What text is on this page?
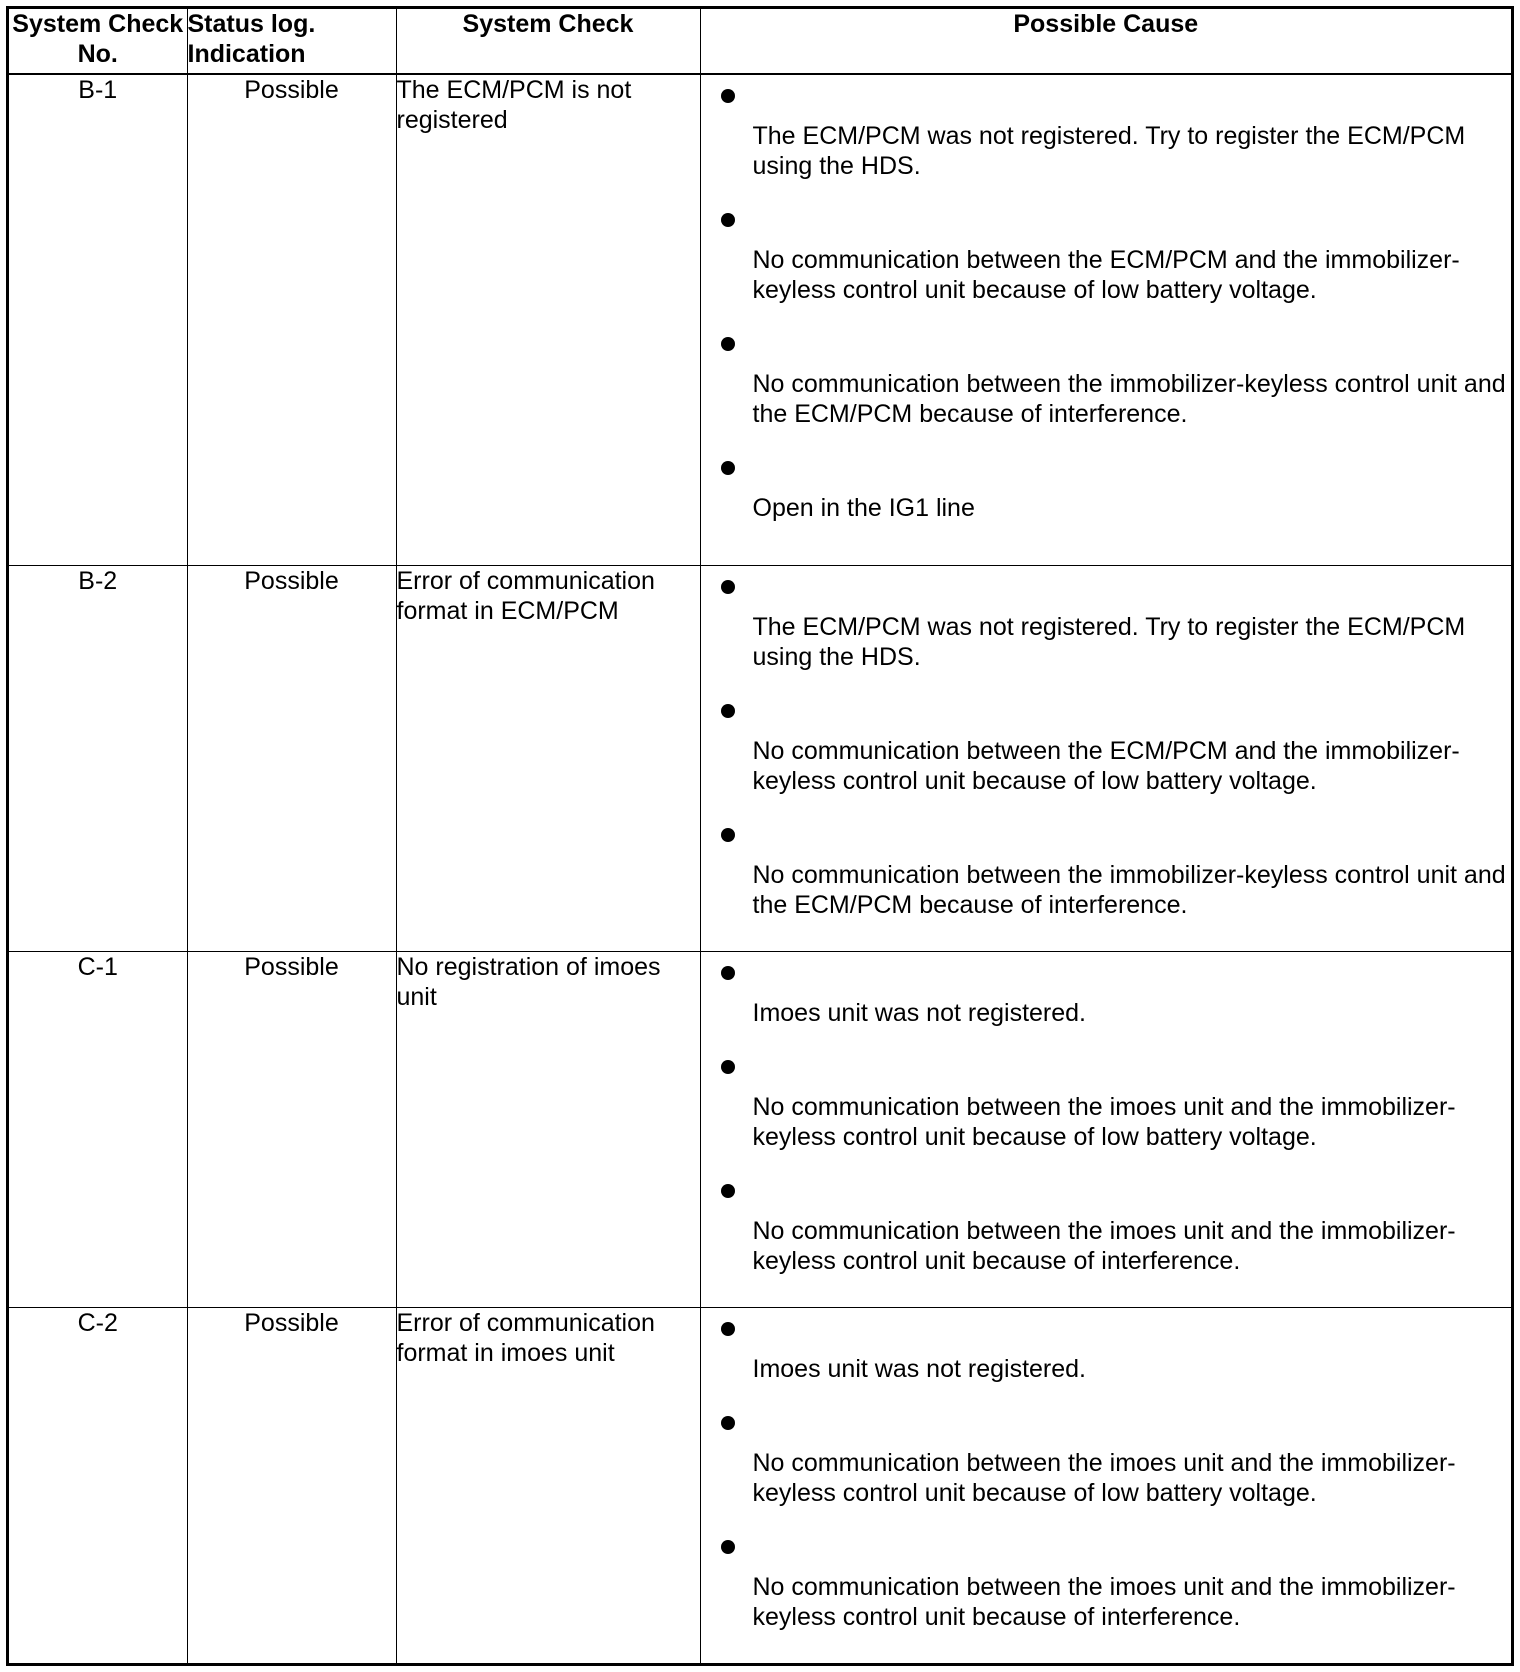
System Check No.	Status log. Indication	System Check	Possible Cause
B-1	Possible	The ECM/PCM is not registered	The ECM/PCM was not registered. Try to register the ECM/PCM using the HDS.
No communication between the ECM/PCM and the immobilizer-keyless control unit because of low battery voltage.
No communication between the immobilizer-keyless control unit and the ECM/PCM because of interference.
Open in the IG1 line

B-2	Possible	Error of communication format in ECM/PCM	The ECM/PCM was not registered. Try to register the ECM/PCM using the HDS.
No communication between the ECM/PCM and the immobilizer-keyless control unit because of low battery voltage.
No communication between the immobilizer-keyless control unit and the ECM/PCM because of interference.

C-1	Possible	No registration of imoes unit	Imoes unit was not registered.
No communication between the imoes unit and the immobilizer-keyless control unit because of low battery voltage.
No communication between the imoes unit and the immobilizer-keyless control unit because of interference.

C-2	Possible	Error of communication format in imoes unit	Imoes unit was not registered.
No communication between the imoes unit and the immobilizer-keyless control unit because of low battery voltage.
No communication between the imoes unit and the immobilizer-keyless control unit because of interference.
